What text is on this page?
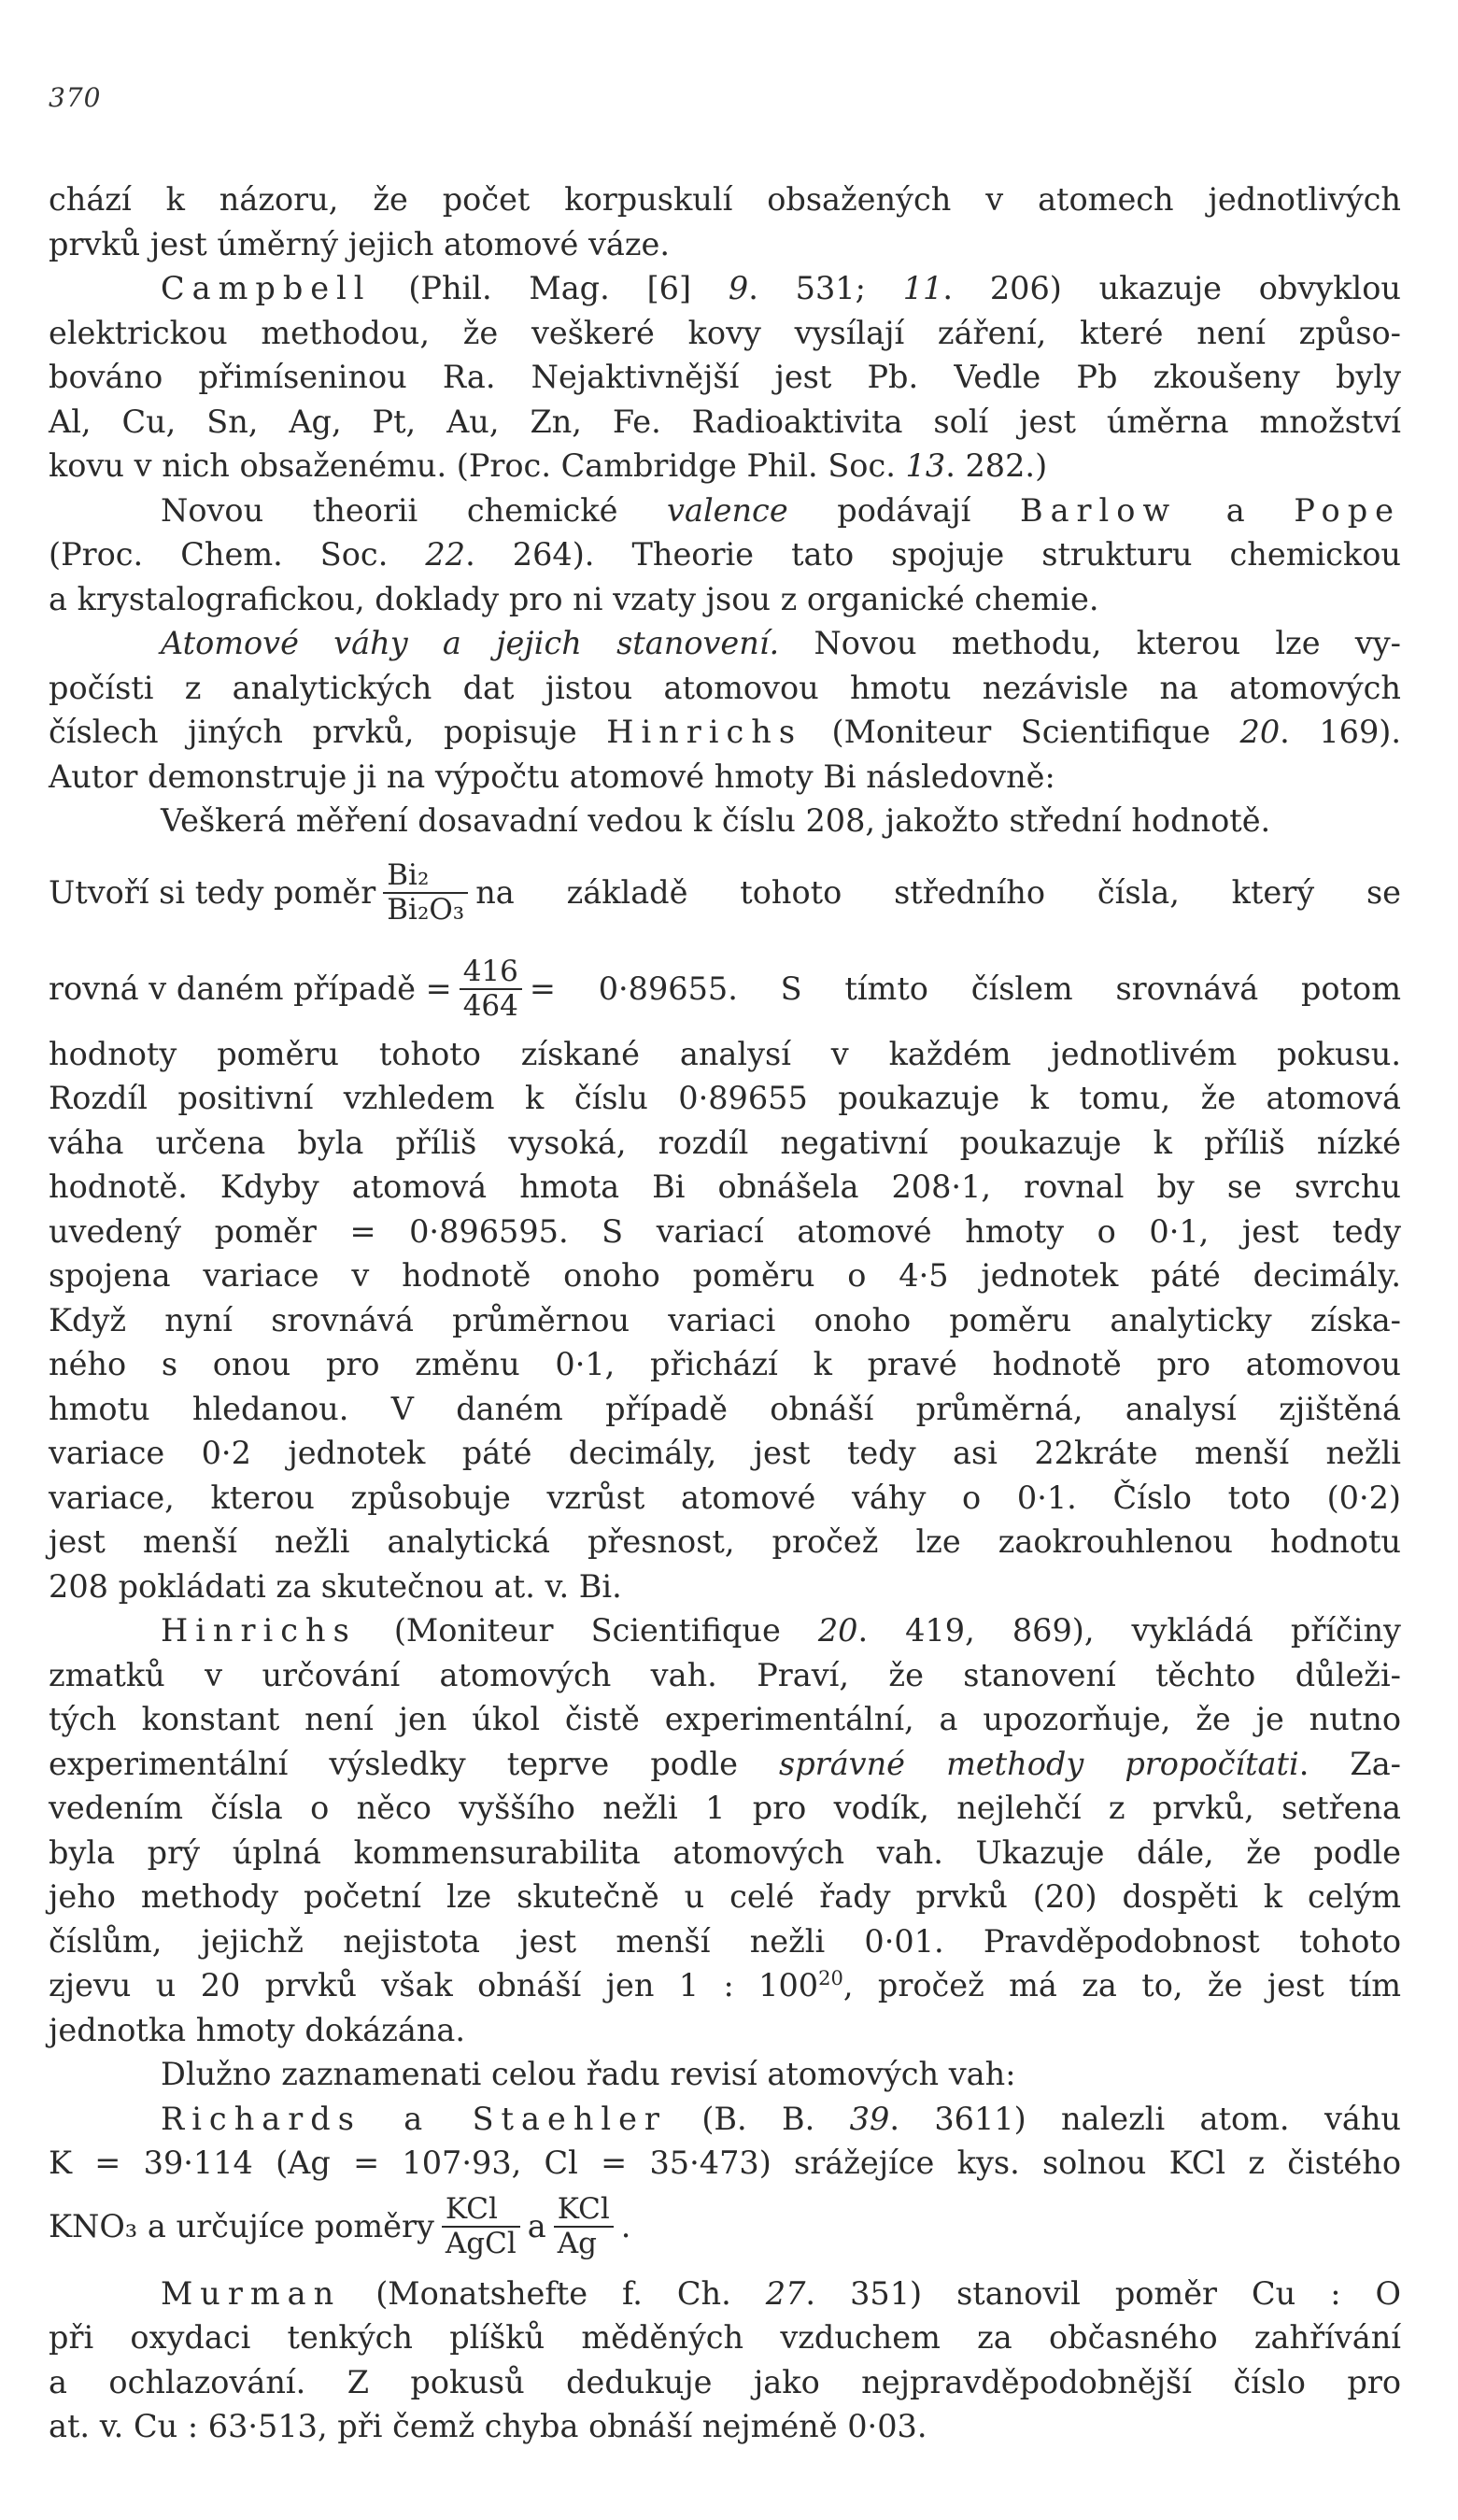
370
chází k názoru, že počet korpuskulí obsažených v atomech jednotlivých
prvků jest úměrný jejich atomové váze.
Campbell (Phil. Mag. [6] 9. 531; 11. 206) ukazuje obvyklou
elektrickou methodou, že veškeré kovy vysílají záření, které není způso-
bováno přimíseninou Ra. Nejaktivnější jest Pb. Vedle Pb zkoušeny byly
Al, Cu, Sn, Ag, Pt, Au, Zn, Fe. Radioaktivita solí jest úměrna množství
kovu v nich obsaženému. (Proc. Cambridge Phil. Soc. 13. 282.)
Novou theorii chemické valence podávají Barlow a Pope
(Proc. Chem. Soc. 22. 264). Theorie tato spojuje strukturu chemickou
a krystalografickou, doklady pro ni vzaty jsou z organické chemie.
Atomové váhy a jejich stanovení. Novou methodu, kterou lze vy-
počísti z analytických dat jistou atomovou hmotu nezávisle na atomových
číslech jiných prvků, popisuje Hinrichs (Moniteur Scientifique 20. 169).
Autor demonstruje ji na výpočtu atomové hmoty Bi následovně:
Veškerá měření dosavadní vedou k číslu 208, jakožto střední hodnotě.
Utvoří si tedy poměr $\frac{\text{Bi₂}}{\text{Bi₂O₃}}$ na základě tohoto středního čísla, který se
rovná v daném případě = $\frac{416}{464} = 0\cdot 89655$. S tímto číslem srovnává potom
hodnoty poměru tohoto získané analysí v každém jednotlivém pokusu.
Rozdíl positivní vzhledem k číslu 0·89655 poukazuje k tomu, že atomová
váha určena byla příliš vysoká, rozdíl negativní poukazuje k příliš nízké
hodnotě. Kdyby atomová hmota Bi obnášela 208·1, rovnal by se svrchu
uvedený poměr = 0·896595. S variací atomové hmoty o 0·1, jest tedy
spojena variace v hodnotě onoho poměru o 4·5 jednotek páté decimály.
Když nyní srovnává průměrnou variaci onoho poměru analyticky získa-
ného s onou pro změnu 0·1, přichází k pravé hodnotě pro atomovou
hmotu hledanou. V daném případě obnáší průměrná, analysí zjištěná
variace 0·2 jednotek páté decimály, jest tedy asi 22kráte menší nežli
variace, kterou způsobuje vzrůst atomové váhy o 0·1. Číslo toto (0·2)
jest menší nežli analytická přesnost, pročež lze zaokrouhlenou hodnotu
208 pokládati za skutečnou at. v. Bi.
Hinrichs (Moniteur Scientifique 20. 419, 869), vykládá příčiny
zmatků v určování atomových vah. Praví, že stanovení těchto důleži-
tých konstant není jen úkol čistě experimentální, a upozorňuje, že je nutno
experimentální výsledky teprve podle správné methody propočítati. Za-
vedením čísla o něco vyššího nežli 1 pro vodík, nejlehčí z prvků, setřena
byla prý úplná kommensurabilita atomových vah. Ukazuje dále, že podle
jeho methody početní lze skutečně u celé řady prvků (20) dospěti k celým
číslům, jejichž nejistota jest menší nežli 0·01. Pravděpodobnost tohoto
zjevu u 20 prvků však obnáší jen 1 : $100^{20}$, pročež má za to, že jest tím
jednotka hmoty dokázána.
Dlužno zaznamenati celou řadu revisí atomových vah:
Richards a Staehler (B. B. 39. 3611) nalezli atom. váhu
K = 39·114 (Ag = 107·93, Cl = 35·473) srážejíce kys. solnou KCl z čistého
KNO₃ a určujíce poměry $\frac{\text{KCl}}{\text{AgCl}}$ a $\frac{\text{KCl}}{Ag}$ .
Murman (Monatshefte f. Ch. 27. 351) stanovil poměr Cu : O
při oxydaci tenkých plíšků měděných vzduchem za občasného zahřívání
a ochlazování. Z pokusů dedukuje jako nejpravděpodobnější číslo pro
at. v. Cu : 63·513, při čemž chyba obnáší nejméně 0·03.
